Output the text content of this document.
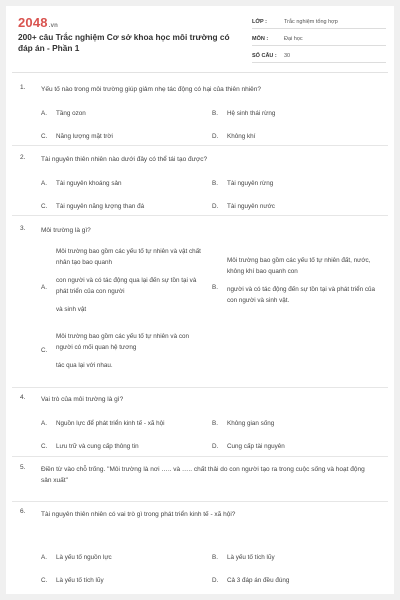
2048.vn
200+ câu Trắc nghiệm Cơ sở khoa học môi trường có đáp án - Phần 1
LỚP :	Trắc nghiệm tổng hợp
MÔN :	Đại học
SỐ CÂU :	30
1. Yếu tố nào trong môi trường giúp giảm nhẹ tác động có hại của thiên nhiên?
A. Tầng ozon	B. Hệ sinh thái rừng
C. Năng lượng mặt trời	D. Không khí
2. Tài nguyên thiên nhiên nào dưới đây có thể tái tạo được?
A. Tài nguyên khoáng sản	B. Tài nguyên rừng
C. Tài nguyên năng lượng than đá	D. Tài nguyên nước
3. Môi trường là gì?
A.

Môi trường bao gồm các yếu tố tự nhiên và vật chất nhân tạo bao quanh

con người và có tác động qua lại đến sự tồn tại và phát triển của con người

và sinh vật

B.

Môi trường bao gồm các yếu tố tự nhiên đất, nước, không khí bao quanh con

người và có tác động đến sự tồn tại và phát triển của con người và sinh vật.

C.

Môi trường bao gồm các yếu tố tự nhiên và con người có mối quan hệ tương

tác qua lại với nhau.

4. Vai trò của môi trường là gì?
A. Nguồn lực để phát triển kinh tế - xã hội	B. Không gian sống
C. Lưu trữ và cung cấp thông tin	D. Cung cấp tài nguyên
5. Điền từ vào chỗ trống. "Môi trường là nơi ….. và ….. chất thải do con người tạo ra trong cuộc sống và hoạt động sản xuất"
6. Tài nguyên thiên nhiên có vai trò gì trong phát triển kinh tế - xã hội?
A. Là yếu tố nguồn lực	B. Là yếu tố tích lũy
C. Là yếu tố tích lũy	D. Cả 3 đáp án đều đúng
